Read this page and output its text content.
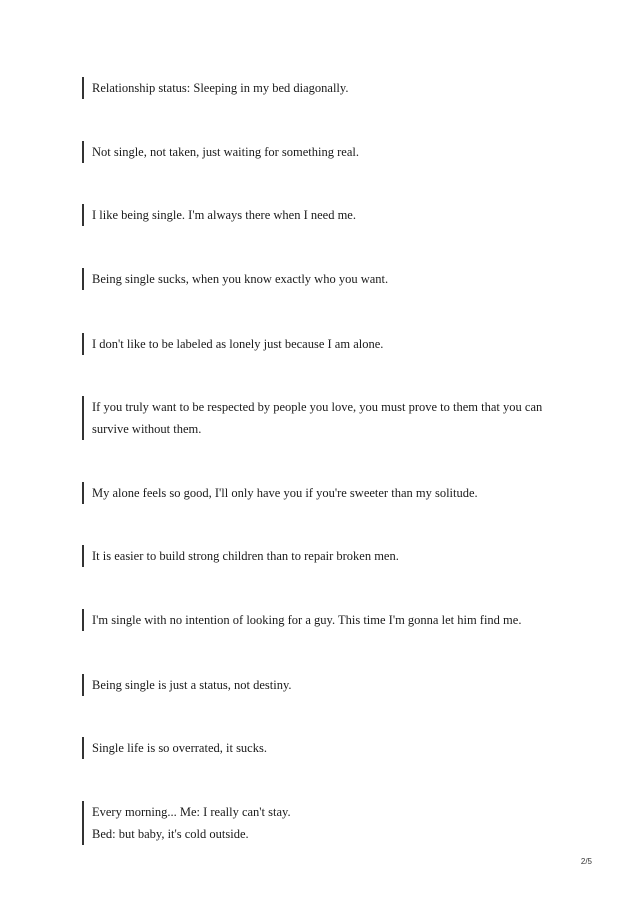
Relationship status: Sleeping in my bed diagonally.
Not single, not taken, just waiting for something real.
I like being single. I'm always there when I need me.
Being single sucks, when you know exactly who you want.
I don't like to be labeled as lonely just because I am alone.
If you truly want to be respected by people you love, you must prove to them that you can
survive without them.
My alone feels so good, I'll only have you if you're sweeter than my solitude.
It is easier to build strong children than to repair broken men.
I'm single with no intention of looking for a guy. This time I'm gonna let him find me.
Being single is just a status, not destiny.
Single life is so overrated, it sucks.
Every morning... Me: I really can't stay.
Bed: but baby, it's cold outside.
2/5
